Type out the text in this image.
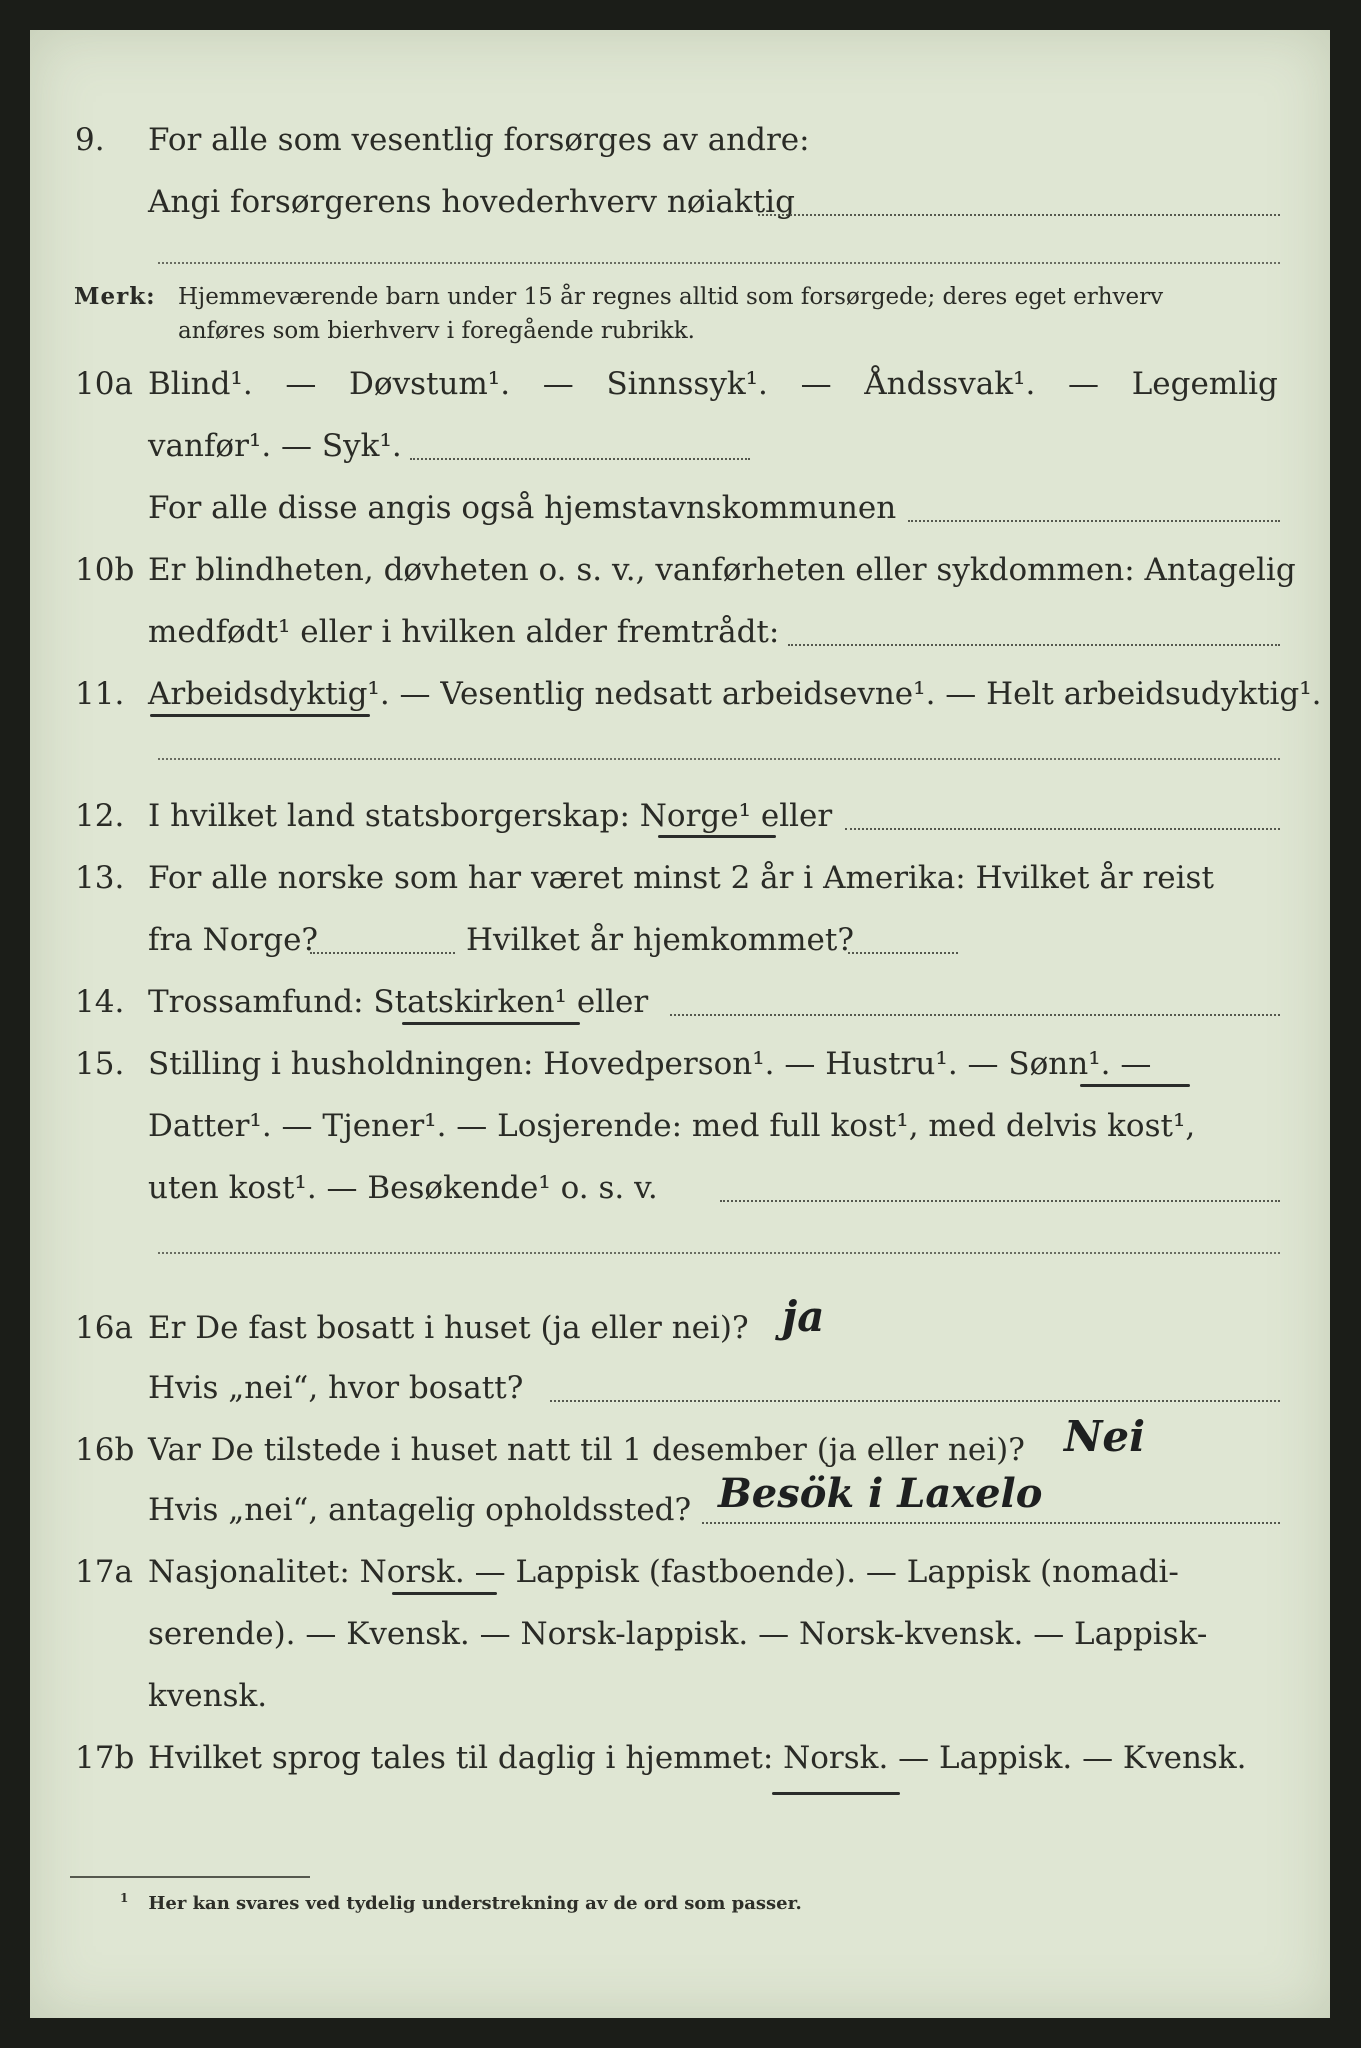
9. For alle som vesentlig forsørges av andre:
Angi forsørgerens hovederhverv nøiaktig
Merk: Hjemmeværende barn under 15 år regnes alltid som forsørgede; deres eget erhverv
anføres som bierhverv i foregående rubrikk.
10a Blind¹. — Døvstum¹. — Sinnssyk¹. — Åndssvak¹. — Legemlig
vanfør¹. — Syk¹.
For alle disse angis også hjemstavnskommunen
10b Er blindheten, døvheten o. s. v., vanførheten eller sykdommen: Antagelig
medfødt¹ eller i hvilken alder fremtrådt:
11. Arbeidsdyktig¹. — Vesentlig nedsatt arbeidsevne¹. — Helt arbeidsudyktig¹.
12. I hvilket land statsborgerskap: Norge¹ eller
13. For alle norske som har været minst 2 år i Amerika: Hvilket år reist
fra Norge?	Hvilket år hjemkommet?
14. Trossamfund: Statskirken¹ eller
15. Stilling i husholdningen: Hovedperson¹. — Hustru¹. — Sønn¹. —
Datter¹. — Tjener¹. — Losjerende: med full kost¹, med delvis kost¹,
uten kost¹. — Besøkende¹ o. s. v.
16a Er De fast bosatt i huset (ja eller nei)? ja
Hvis „nei“, hvor bosatt?
16b Var De tilstede i huset natt til 1 desember (ja eller nei)? Nei
Hvis „nei“, antagelig opholdssted? Besök i Laxelo
17a Nasjonalitet: Norsk. — Lappisk (fastboende). — Lappisk (nomadi-
serende). — Kvensk. — Norsk-lappisk. — Norsk-kvensk. — Lappisk-
kvensk.
17b Hvilket sprog tales til daglig i hjemmet: Norsk. — Lappisk. — Kvensk.
$^1$ Her kan svares ved tydelig understrekning av de ord som passer.
